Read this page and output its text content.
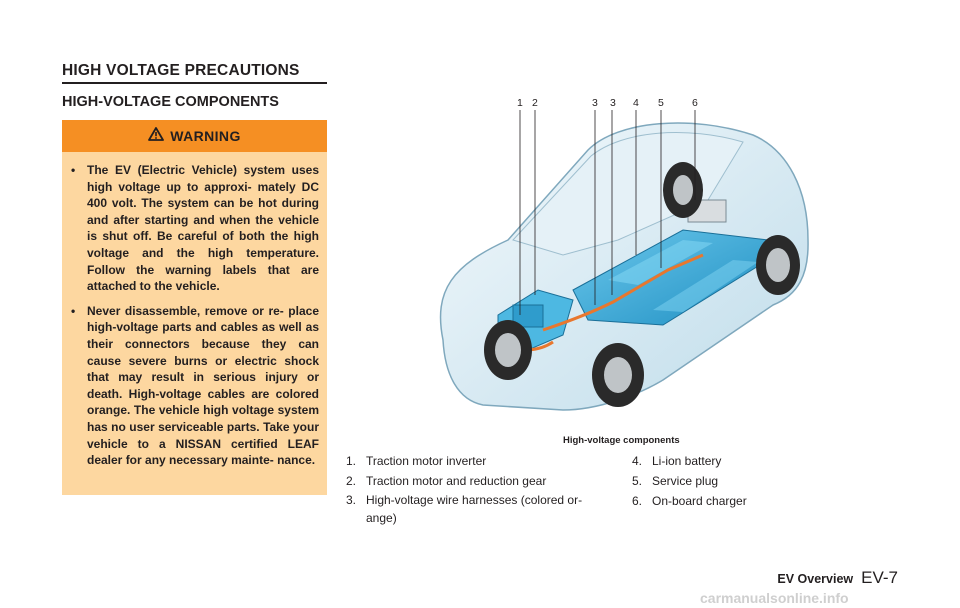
HIGH VOLTAGE PRECAUTIONS
HIGH-VOLTAGE COMPONENTS
WARNING
• The EV (Electric Vehicle) system uses high voltage up to approxi- mately DC 400 volt. The system can be hot during and after starting and when the vehicle is shut off. Be careful of both the high voltage and the high temperature. Follow the warning labels that are attached to the vehicle.
• Never disassemble, remove or re- place high-voltage parts and cables as well as their connectors because they can cause severe burns or electric shock that may result in serious injury or death. High-voltage cables are colored orange. The vehicle high voltage system has no user serviceable parts. Take your vehicle to a NISSAN certified LEAF dealer for any necessary mainte- nance.
1 2	3 3 4 5	6
High-voltage components
1. Traction motor inverter
2. Traction motor and reduction gear
3. High-voltage wire harnesses (colored or- ange)
4. Li-ion battery
5. Service plug
6. On-board charger
EV Overview EV-7
carmanualsonline.info
